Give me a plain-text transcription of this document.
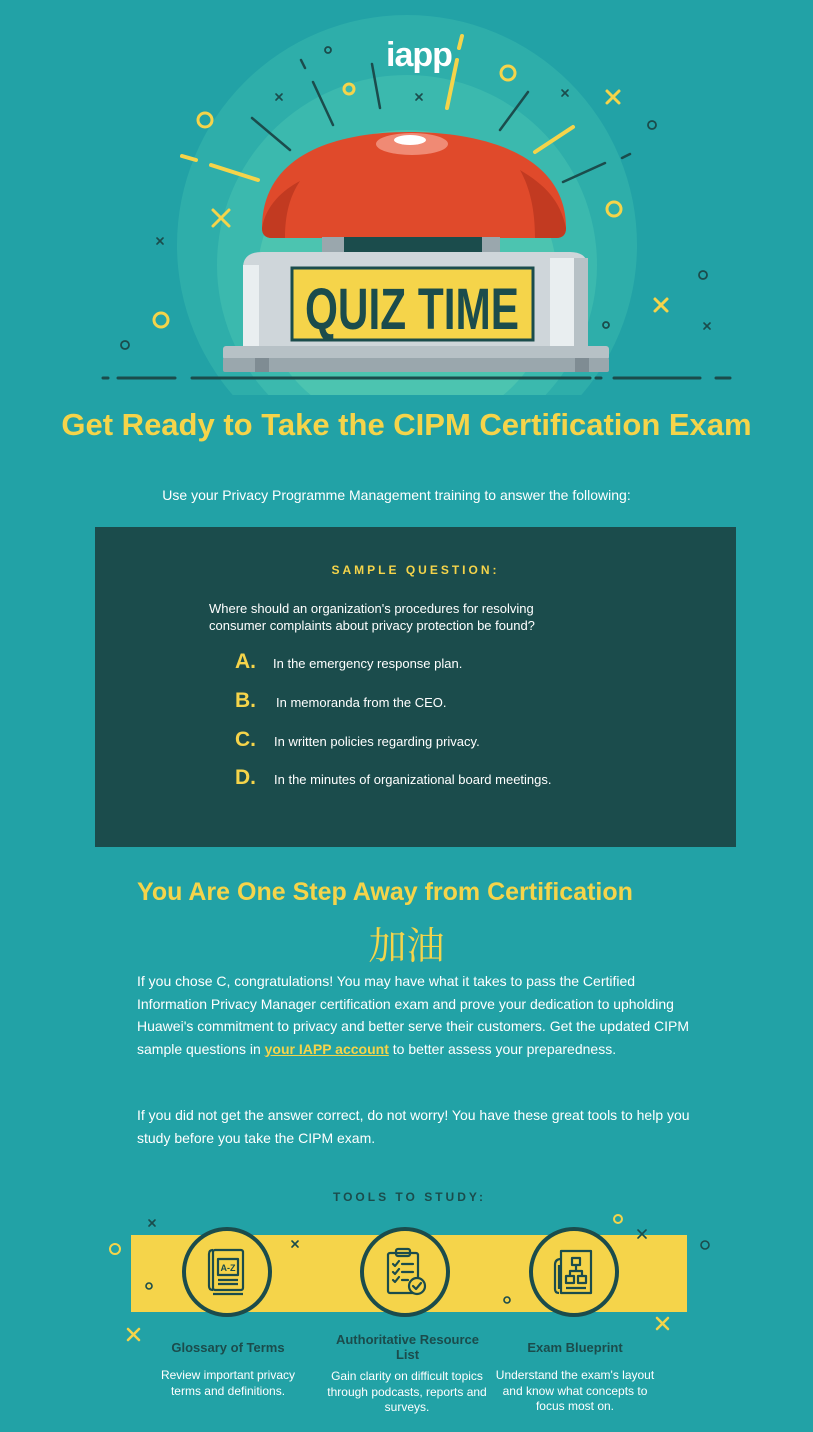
QUIZ TIME
iapp
Get Ready to Take the CIPM Certification Exam
Use your Privacy Programme Management training to answer the following:
SAMPLE QUESTION:
Where should an organization's procedures for resolving consumer complaints about privacy protection be found?
A. In the emergency response plan.
B. In memoranda from the CEO.
C. In written policies regarding privacy.
D. In the minutes of organizational board meetings.
You Are One Step Away from Certification
加油

If you chose C, congratulations! You may have what it takes to pass the Certified Information Privacy Manager certification exam and prove your dedication to upholding Huawei's commitment to privacy and better serve their customers. Get the updated CIPM sample questions in your IAPP account to better assess your preparedness.

If you did not get the answer correct, do not worry! You have these great tools to help you study before you take the CIPM exam.

TOOLS TO STUDY:
A-Z
Glossary of Terms
Review important privacy terms and definitions.
Authoritative Resource List
Gain clarity on difficult topics through podcasts, reports and surveys.
Exam Blueprint
Understand the exam's layout and know what concepts to focus most on.
